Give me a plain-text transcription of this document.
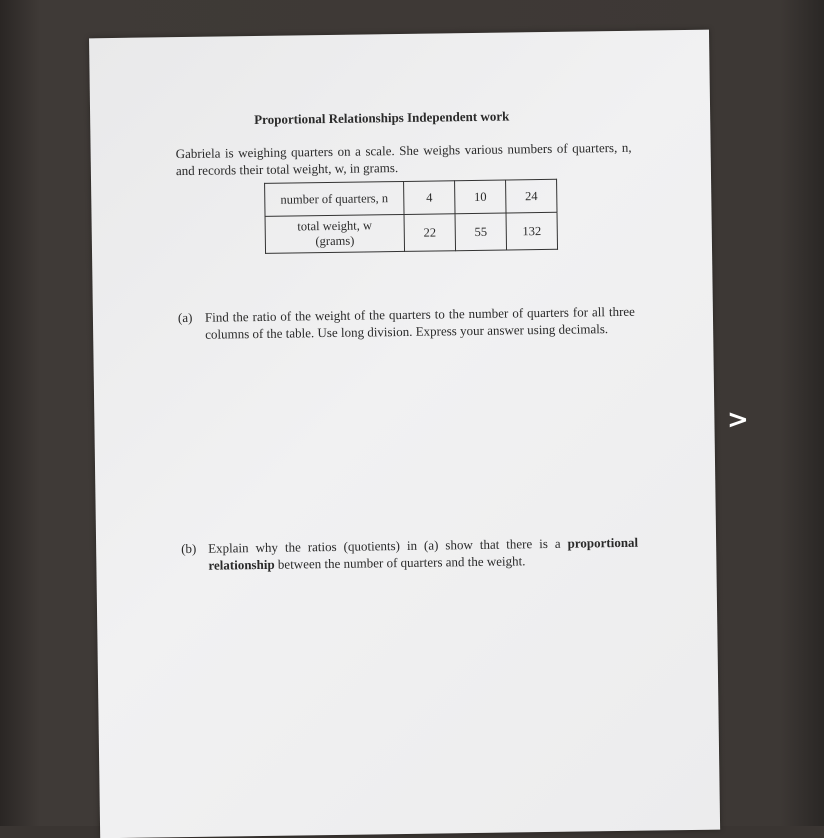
>
Proportional Relationships Independent work
Gabriela is weighing quarters on a scale. She weighs various numbers of quarters, n, and records their total weight, w, in grams.
number of quarters, n	4	10	24

total weight, w
(grams)	22	55	132
(a) Find the ratio of the weight of the quarters to the number of quarters for all three columns of the table. Use long division. Express your answer using decimals.
(b) Explain why the ratios (quotients) in (a) show that there is a proportional relationship between the number of quarters and the weight.
